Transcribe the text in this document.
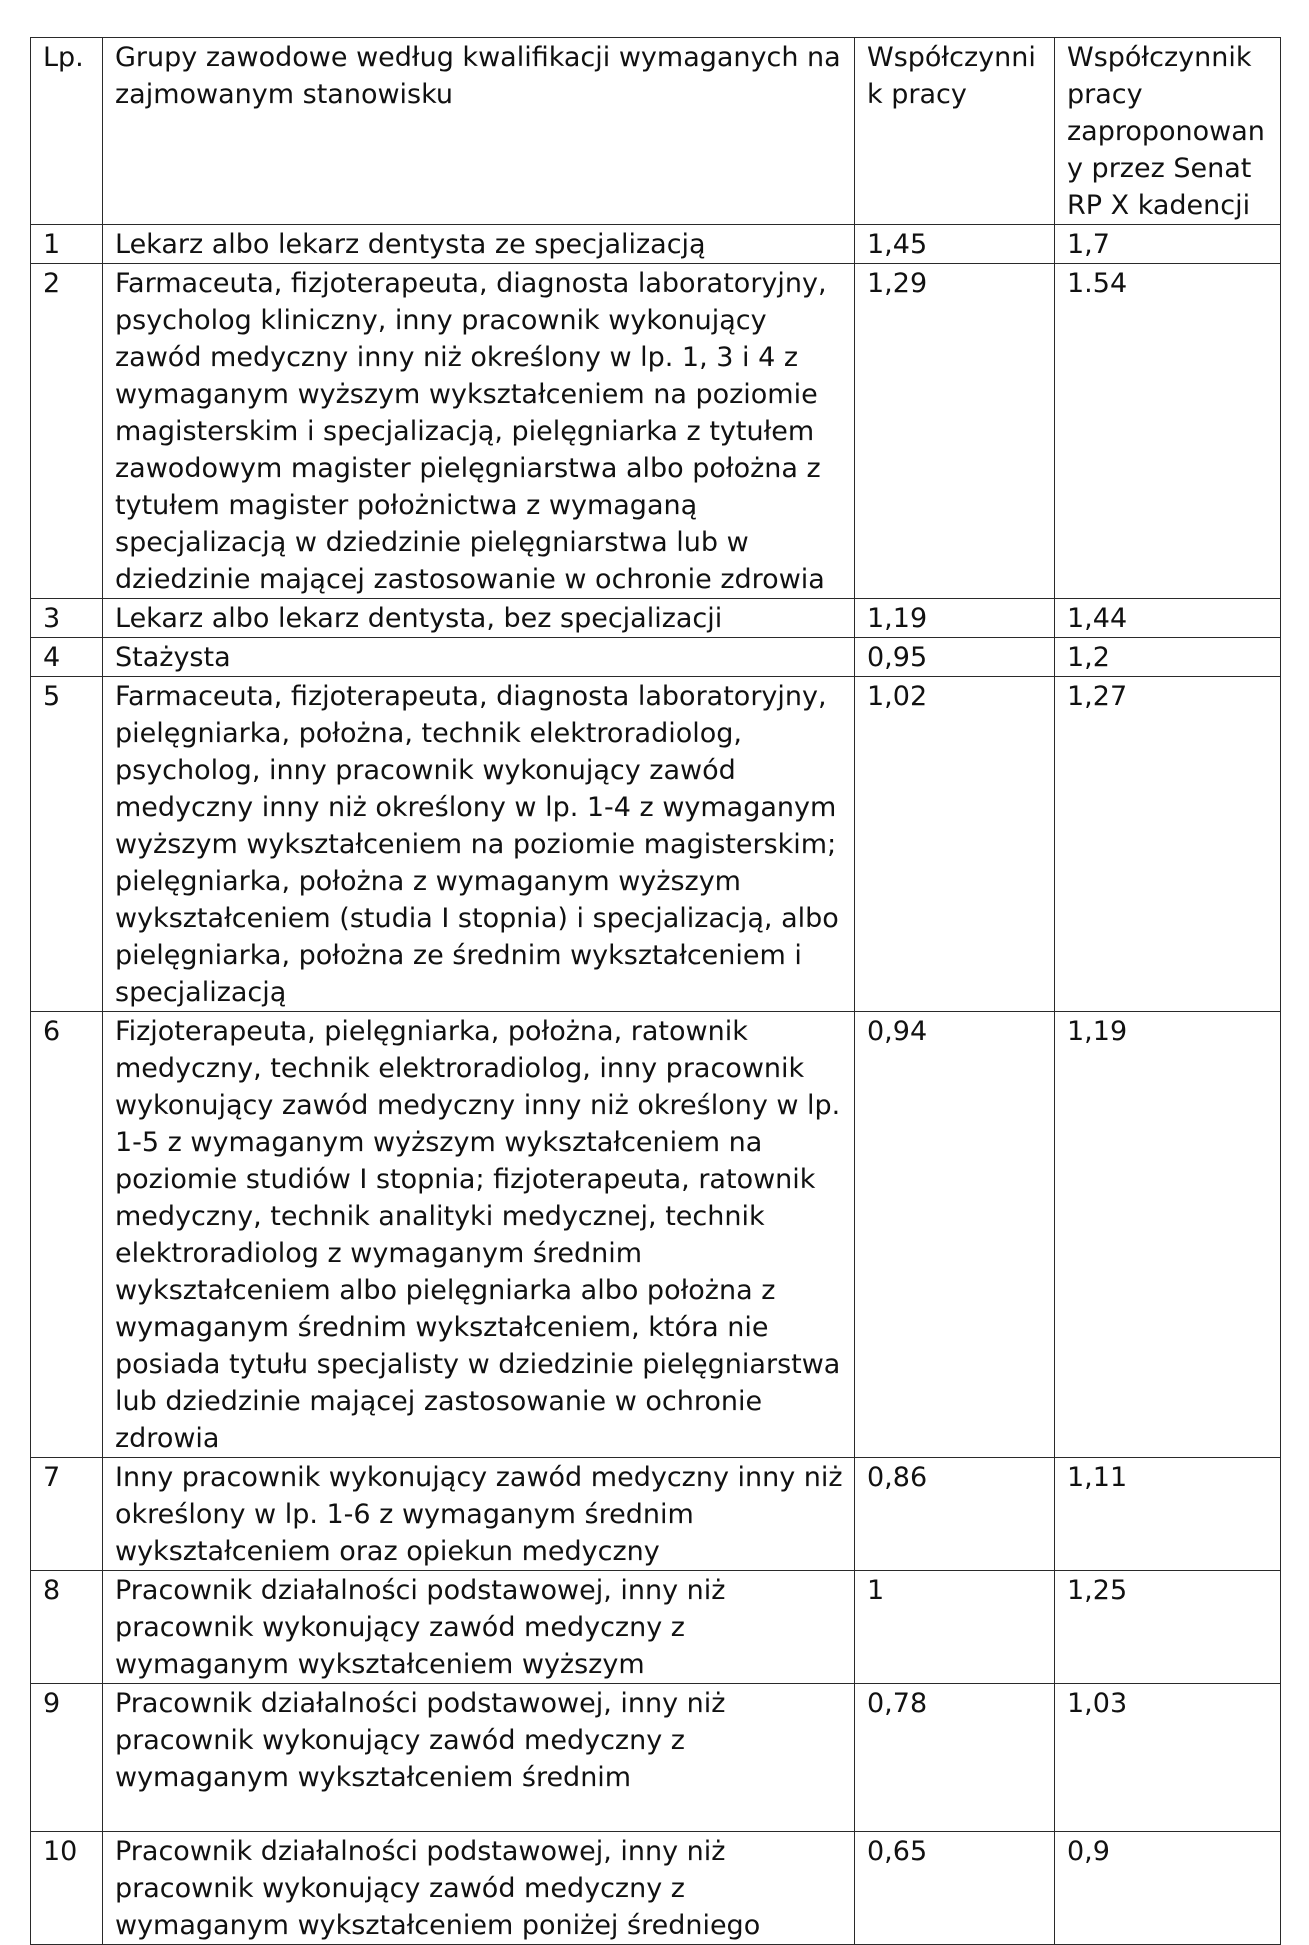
Lp.	Grupy zawodowe według kwalifikacji wymaganych na zajmowanym stanowisku	Współczynnik pracy	Współczynnik pracy zaproponowany przez Senat RP X kadencji
1	Lekarz albo lekarz dentysta ze specjalizacją	1,45	1,7
2	Farmaceuta, fizjoterapeuta, diagnosta laboratoryjny, psycholog kliniczny, inny pracownik wykonujący zawód medyczny inny niż określony w lp. 1, 3 i 4 z wymaganym wyższym wykształceniem na poziomie magisterskim i specjalizacją, pielęgniarka z tytułem zawodowym magister pielęgniarstwa albo położna z tytułem magister położnictwa z wymaganą specjalizacją w dziedzinie pielęgniarstwa lub w dziedzinie mającej zastosowanie w ochronie zdrowia	1,29	1.54
3	Lekarz albo lekarz dentysta, bez specjalizacji	1,19	1,44
4	Stażysta	0,95	1,2
5	Farmaceuta, fizjoterapeuta, diagnosta laboratoryjny, pielęgniarka, położna, technik elektroradiolog, psycholog, inny pracownik wykonujący zawód medyczny inny niż określony w lp. 1-4 z wymaganym wyższym wykształceniem na poziomie magisterskim; pielęgniarka, położna z wymaganym wyższym wykształceniem (studia I stopnia) i specjalizacją, albo pielęgniarka, położna ze średnim wykształceniem i specjalizacją	1,02	1,27
6	Fizjoterapeuta, pielęgniarka, położna, ratownik medyczny, technik elektroradiolog, inny pracownik wykonujący zawód medyczny inny niż określony w lp. 1-5 z wymaganym wyższym wykształceniem na poziomie studiów I stopnia; fizjoterapeuta, ratownik medyczny, technik analityki medycznej, technik elektroradiolog z wymaganym średnim wykształceniem albo pielęgniarka albo położna z wymaganym średnim wykształceniem, która nie posiada tytułu specjalisty w dziedzinie pielęgniarstwa lub dziedzinie mającej zastosowanie w ochronie zdrowia	0,94	1,19
7	Inny pracownik wykonujący zawód medyczny inny niż określony w lp. 1-6 z wymaganym średnim wykształceniem oraz opiekun medyczny	0,86	1,11
8	Pracownik działalności podstawowej, inny niż pracownik wykonujący zawód medyczny z wymaganym wykształceniem wyższym	1	1,25
9	Pracownik działalności podstawowej, inny niż pracownik wykonujący zawód medyczny z wymaganym wykształceniem średnim	0,78	1,03
10	Pracownik działalności podstawowej, inny niż pracownik wykonujący zawód medyczny z wymaganym wykształceniem poniżej średniego	0,65	0,9
